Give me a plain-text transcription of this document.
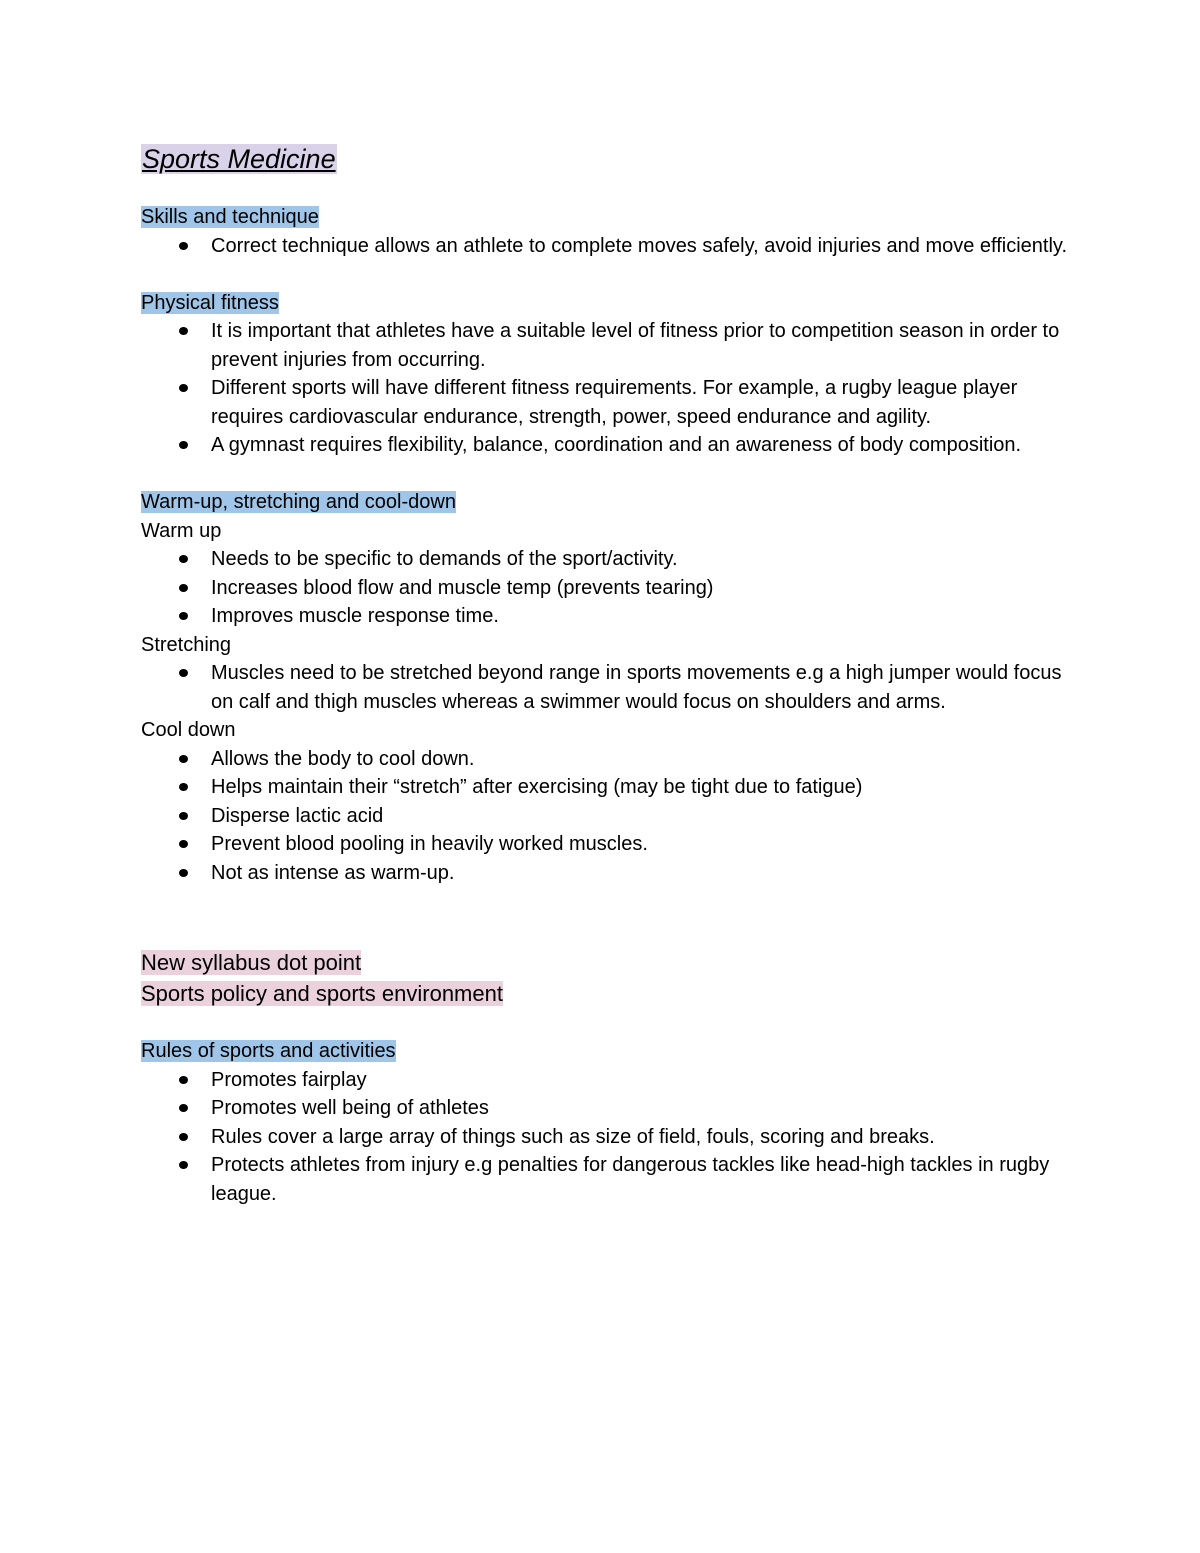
Sports Medicine
Skills and technique
Correct technique allows an athlete to complete moves safely, avoid injuries and move efficiently.
Physical fitness
It is important that athletes have a suitable level of fitness prior to competition season in order to prevent injuries from occurring.
Different sports will have different fitness requirements. For example, a rugby league player requires cardiovascular endurance, strength, power, speed endurance and agility.
A gymnast requires flexibility, balance, coordination and an awareness of body composition.
Warm-up, stretching and cool-down
Warm up
Needs to be specific to demands of the sport/activity.
Increases blood flow and muscle temp (prevents tearing)
Improves muscle response time.
Stretching
Muscles need to be stretched beyond range in sports movements e.g a high jumper would focus on calf and thigh muscles whereas a swimmer would focus on shoulders and arms.
Cool down
Allows the body to cool down.
Helps maintain their “stretch” after exercising (may be tight due to fatigue)
Disperse lactic acid
Prevent blood pooling in heavily worked muscles.
Not as intense as warm-up.
New syllabus dot point
Sports policy and sports environment
Rules of sports and activities
Promotes fairplay
Promotes well being of athletes
Rules cover a large array of things such as size of field, fouls, scoring and breaks.
Protects athletes from injury e.g penalties for dangerous tackles like head-high tackles in rugby league.
